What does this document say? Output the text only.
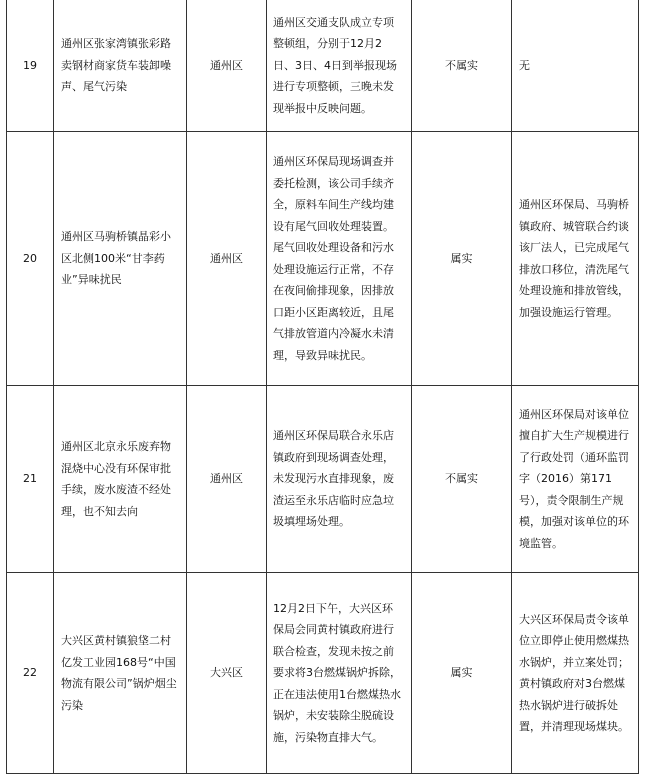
19	通州区张家湾镇张彩路卖钢材商家货车装卸噪声、尾气污染	通州区	通州区交通支队成立专项整顿组，分别于12月2日、3日、4日到举报现场进行专项整顿，三晚未发现举报中反映问题。	不属实	无
20	通州区马驹桥镇晶彩小区北侧100米“甘李药业”异味扰民	通州区	通州区环保局现场调查并委托检测，该公司手续齐全，原料车间生产线均建设有尾气回收处理装置。尾气回收处理设备和污水处理设施运行正常，不存在夜间偷排现象，因排放口距小区距离较近，且尾气排放管道内冷凝水未清理，导致异味扰民。	属实	通州区环保局、马驹桥镇政府、城管联合约谈该厂法人，已完成尾气排放口移位，清洗尾气处理设施和排放管线，加强设施运行管理。
21	通州区北京永乐废弃物混烧中心没有环保审批手续，废水废渣不经处理，也不知去向	通州区	通州区环保局联合永乐店镇政府到现场调查处理，未发现污水直排现象，废渣运至永乐店临时应急垃圾填埋场处理。	不属实	通州区环保局对该单位擅自扩大生产规模进行了行政处罚（通环监罚字（2016）第171号），责令限制生产规模，加强对该单位的环境监管。
22	大兴区黄村镇狼垡二村亿发工业园168号“中国物流有限公司”锅炉烟尘污染	大兴区	12月2日下午，大兴区环保局会同黄村镇政府进行联合检查，发现未按之前要求将3台燃煤锅炉拆除，正在违法使用1台燃煤热水锅炉，未安装除尘脱硫设施，污染物直排大气。	属实	大兴区环保局责令该单位立即停止使用燃煤热水锅炉，并立案处罚；黄村镇政府对3台燃煤热水锅炉进行破拆处置，并清理现场煤块。
